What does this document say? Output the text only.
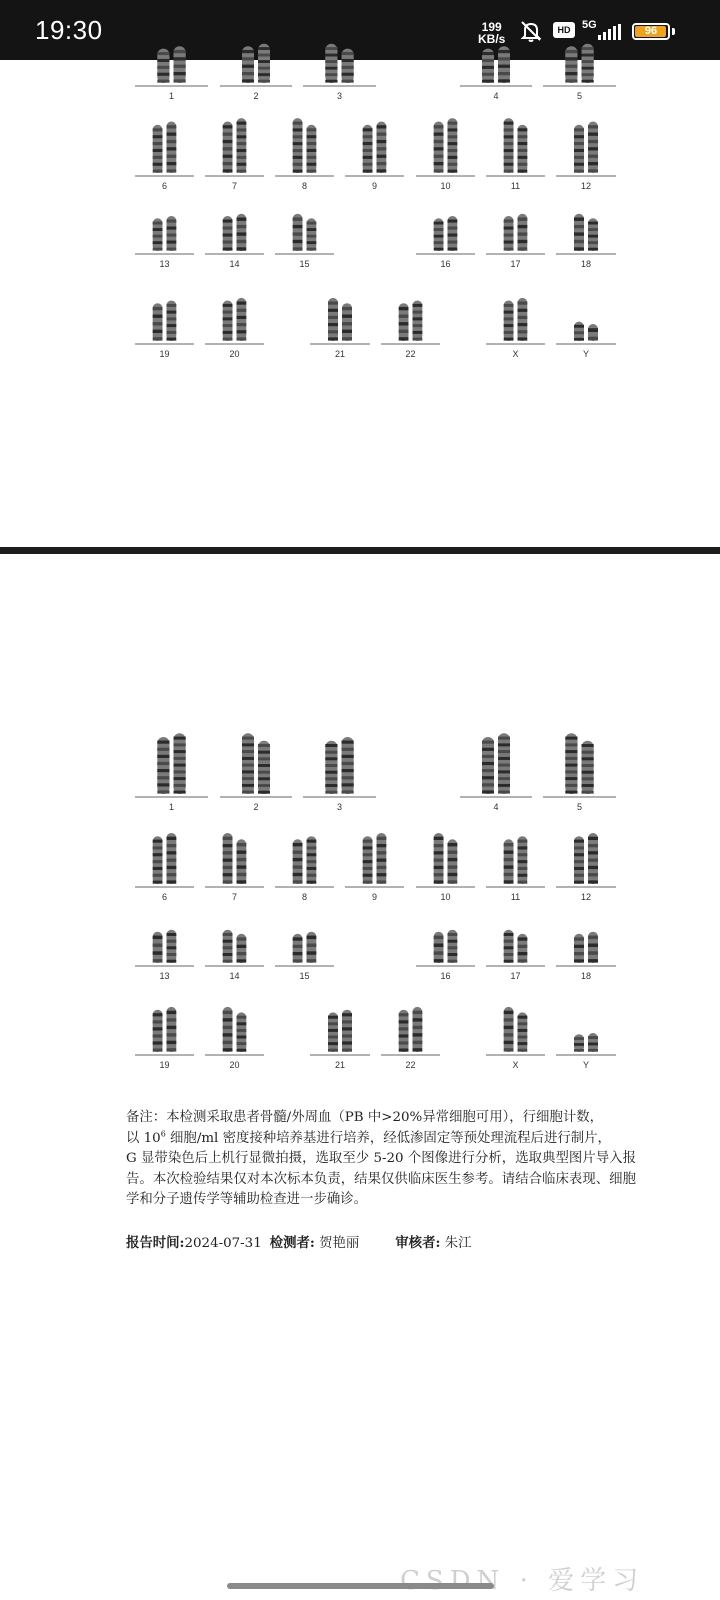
19:30	199
KB/s
HD	5G	96
1	2	3	4	5
6	7	8	9	10	11	12
13	14	15	16	17	18
19	20	21	22	X	Y
1	2	3	4	5
6	7	8	9	10	11	12
13	14	15	16	17	18
19	20	21	22	X	Y
备注：本检测采取患者骨髓/外周血（PB 中>20%异常细胞可用），行细胞计数，
以 $10^6$ 细胞/ml 密度接种培养基进行培养，经低渗固定等预处理流程后进行制片，
G 显带染色后上机行显微拍摄，选取至少 5-20 个图像进行分析，选取典型图片导入报告。本次检验结果仅对本次标本负责，结果仅供临床医生参考。请结合临床表现、细胞学和分子遗传学等辅助检查进一步确诊。
报告时间:2024-07-31 检测者: 贺艳丽	审核者: 朱江
